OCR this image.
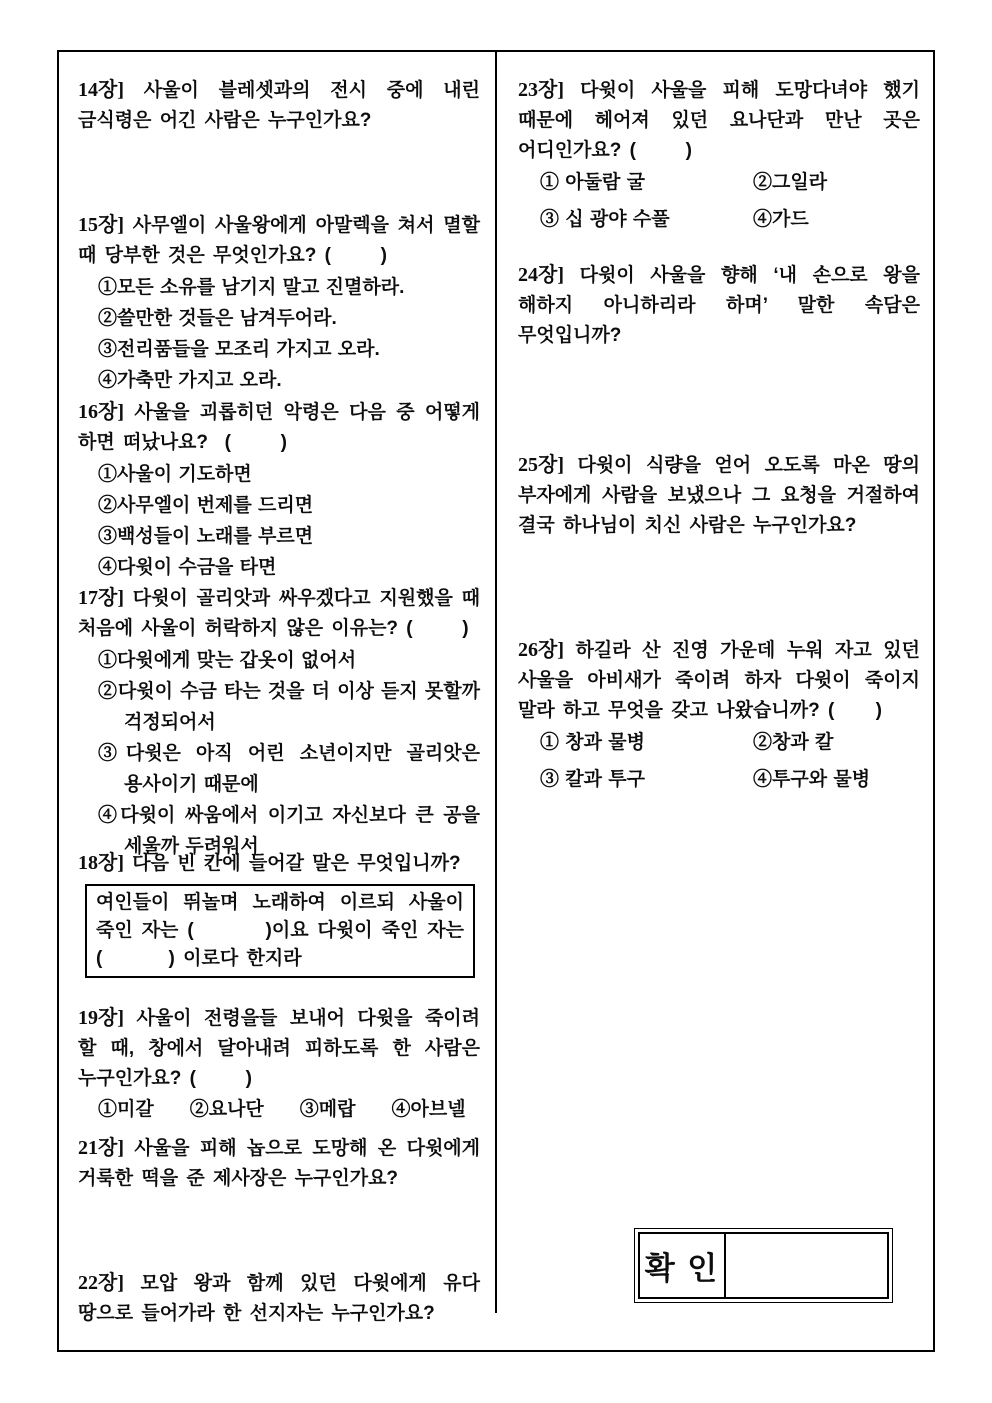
14장] 사울이 블레셋과의 전시 중에 내린 금식령은 어긴 사람은 누구인가요?

15장] 사무엘이 사울왕에게 아말렉을 쳐서 멸할 때 당부한 것은 무엇인가요? (      )

①모든 소유를 남기지 말고 진멸하라.
②쓸만한 것들은 남겨두어라.
③전리품들을 모조리 가지고 오라.
④가축만 가지고 오라.

16장] 사울을 괴롭히던 악령은 다음 중 어떻게 하면 떠났나요?  (      )

①사울이 기도하면
②사무엘이 번제를 드리면
③백성들이 노래를 부르면
④다윗이 수금을 타면

17장] 다윗이 골리앗과 싸우겠다고 지원했을 때 처음에 사울이 허락하지 않은 이유는? (      )

①다윗에게 맞는 갑옷이 없어서
②다윗이 수금 타는 것을 더 이상 듣지 못할까 걱정되어서
③다윗은 아직 어린 소년이지만 골리앗은 용사이기 때문에
④다윗이 싸움에서 이기고 자신보다 큰 공을 세울까 두려워서

18장] 다음 빈 칸에 들어갈 말은 무엇입니까?

여인들이 뛰놀며 노래하여 이르되 사울이 죽인 자는 (        )이요 다윗이 죽인 자는 (        ) 이로다 한지라

19장] 사울이 전령을들 보내어 다윗을 죽이려 할 때, 창에서 달아내려 피하도록 한 사람은 누구인가요? (      )

①미갈 ②요나단 ③메랍 ④아브넬

21장] 사울을 피해 놉으로 도망해 온 다윗에게 거룩한 떡을 준 제사장은 누구인가요?

22장] 모압 왕과 함께 있던 다윗에게 유다 땅으로 들어가라 한 선지자는 누구인가요?

23장] 다윗이 사울을 피해 도망다녀야 했기 때문에 헤어져 있던 요나단과 만난 곳은 어디인가요? (      )

① 아둘람 굴	②그일라
③ 십 광야 수풀	④가드

24장] 다윗이 사울을 향해 ‘내 손으로 왕을 해하지 아니하리라 하며’ 말한 속담은 무엇입니까?

25장] 다윗이 식량을 얻어 오도록 마온 땅의 부자에게 사람을 보냈으나 그 요청을 거절하여 결국 하나님이 치신 사람은 누구인가요?

26장] 하길라 산 진영 가운데 누워 자고 있던 사울을 아비새가 죽이려 하자 다윗이 죽이지 말라 하고 무엇을 갖고 나왔습니까? (     )

① 창과 물병	②창과 칼
③ 칼과 투구	④투구와 물병
확 인
